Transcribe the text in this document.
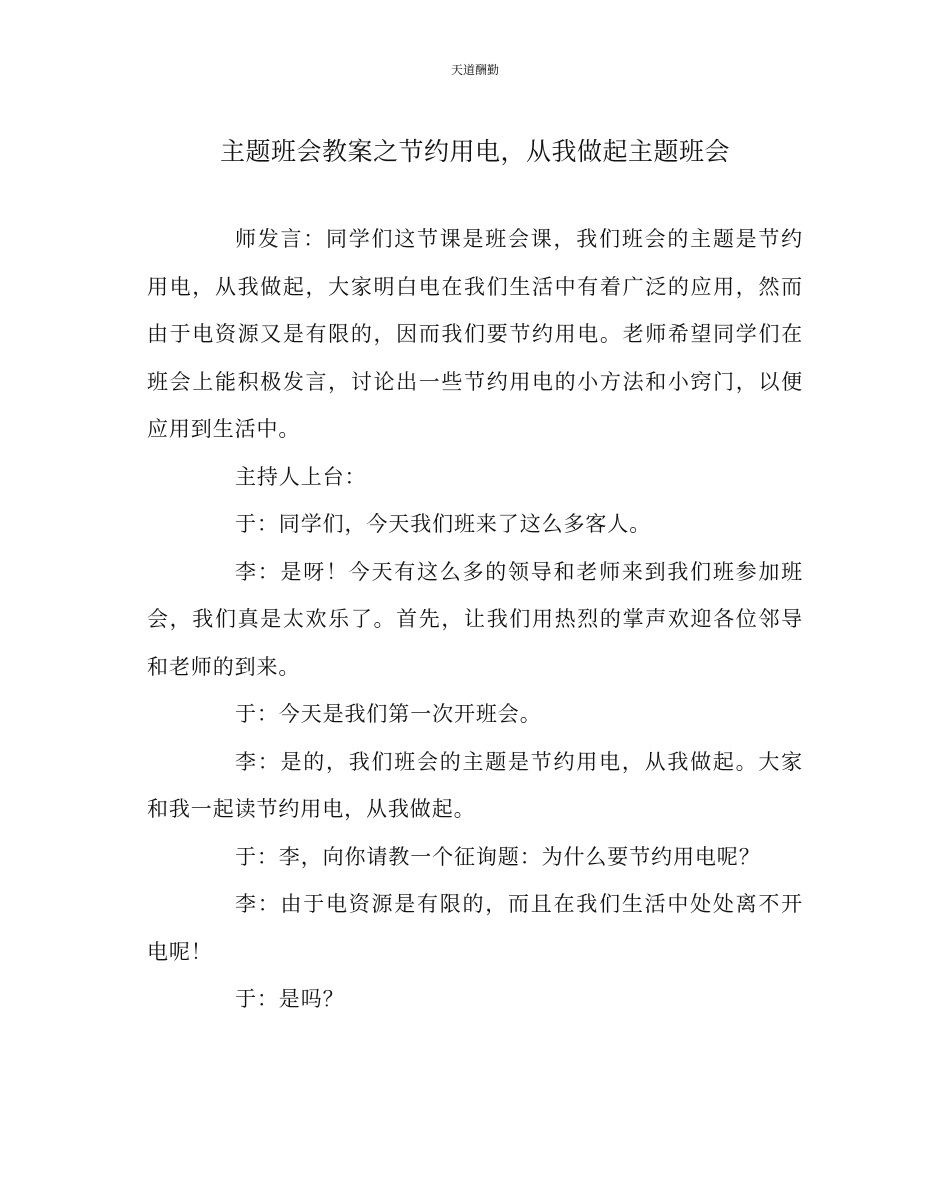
天道酬勤
主题班会教案之节约用电，从我做起主题班会

师发言：同学们这节课是班会课，我们班会的主题是节约用电，从我做起，大家明白电在我们生活中有着广泛的应用，然而由于电资源又是有限的，因而我们要节约用电。老师希望同学们在班会上能积极发言，讨论出一些节约用电的小方法和小窍门，以便应用到生活中。

主持人上台：

于：同学们，今天我们班来了这么多客人。

李：是呀！今天有这么多的领导和老师来到我们班参加班会，我们真是太欢乐了。首先，让我们用热烈的掌声欢迎各位邻导和老师的到来。

于：今天是我们第一次开班会。

李：是的，我们班会的主题是节约用电，从我做起。大家和我一起读节约用电，从我做起。

于：李，向你请教一个征询题：为什么要节约用电呢？

李：由于电资源是有限的，而且在我们生活中处处离不开电呢！

于：是吗？
